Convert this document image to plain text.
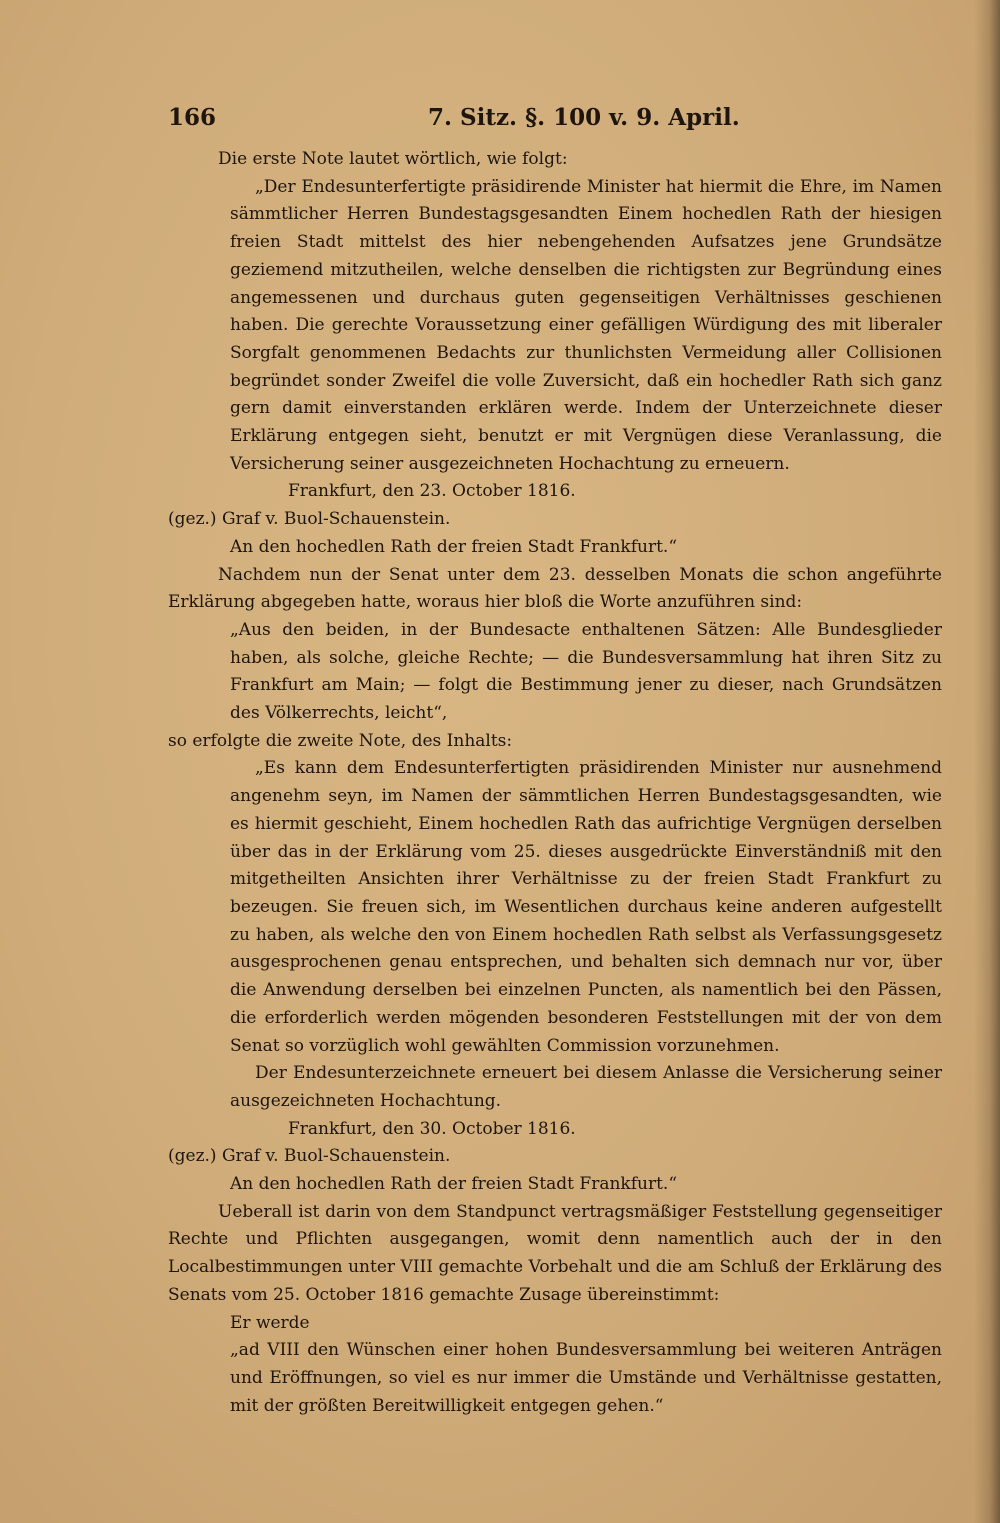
166	7. Sitz. §. 100 v. 9. April.

Die erste Note lautet wörtlich, wie folgt:

„Der Endesunterfertigte präsidirende Minister hat hiermit die Ehre, im Namen sämmtlicher Herren Bundestagsgesandten Einem hochedlen Rath der hiesigen freien Stadt mittelst des hier nebengehenden Aufsatzes jene Grundsätze geziemend mitzutheilen, welche denselben die richtigsten zur Begründung eines angemessenen und durchaus guten gegenseitigen Verhältnisses geschienen haben. Die gerechte Voraussetzung einer gefälligen Würdigung des mit liberaler Sorgfalt genommenen Bedachts zur thunlichsten Vermeidung aller Collisionen begründet sonder Zweifel die volle Zuversicht, daß ein hochedler Rath sich ganz gern damit einverstanden erklären werde. Indem der Unterzeichnete dieser Erklärung entgegen sieht, benutzt er mit Vergnügen diese Veranlassung, die Versicherung seiner ausgezeichneten Hochachtung zu erneuern.

Frankfurt, den 23. October 1816.

(gez.) Graf v. Buol-Schauenstein.

An den hochedlen Rath der freien Stadt Frankfurt.“

Nachdem nun der Senat unter dem 23. desselben Monats die schon angeführte Erklärung abgegeben hatte, woraus hier bloß die Worte anzuführen sind:

„Aus den beiden, in der Bundesacte enthaltenen Sätzen: Alle Bundesglieder haben, als solche, gleiche Rechte; — die Bundesversammlung hat ihren Sitz zu Frankfurt am Main; — folgt die Bestimmung jener zu dieser, nach Grundsätzen des Völkerrechts, leicht“,

so erfolgte die zweite Note, des Inhalts:

„Es kann dem Endesunterfertigten präsidirenden Minister nur ausnehmend angenehm seyn, im Namen der sämmtlichen Herren Bundestagsgesandten, wie es hiermit geschieht, Einem hochedlen Rath das aufrichtige Vergnügen derselben über das in der Erklärung vom 25. dieses ausgedrückte Einverständniß mit den mitgetheilten Ansichten ihrer Verhältnisse zu der freien Stadt Frankfurt zu bezeugen. Sie freuen sich, im Wesentlichen durchaus keine anderen aufgestellt zu haben, als welche den von Einem hochedlen Rath selbst als Verfassungsgesetz ausgesprochenen genau entsprechen, und behalten sich demnach nur vor, über die Anwendung derselben bei einzelnen Puncten, als namentlich bei den Pässen, die erforderlich werden mögenden besonderen Feststellungen mit der von dem Senat so vorzüglich wohl gewählten Commission vorzunehmen.

Der Endesunterzeichnete erneuert bei diesem Anlasse die Versicherung seiner ausgezeichneten Hochachtung.

Frankfurt, den 30. October 1816.

(gez.) Graf v. Buol-Schauenstein.

An den hochedlen Rath der freien Stadt Frankfurt.“

Ueberall ist darin von dem Standpunct vertragsmäßiger Feststellung gegenseitiger Rechte und Pflichten ausgegangen, womit denn namentlich auch der in den Localbestimmungen unter VIII gemachte Vorbehalt und die am Schluß der Erklärung des Senats vom 25. October 1816 gemachte Zusage übereinstimmt:

Er werde

„ad VIII den Wünschen einer hohen Bundesversammlung bei weiteren Anträgen und Eröffnungen, so viel es nur immer die Umstände und Verhältnisse gestatten, mit der größten Bereitwilligkeit entgegen gehen.“
